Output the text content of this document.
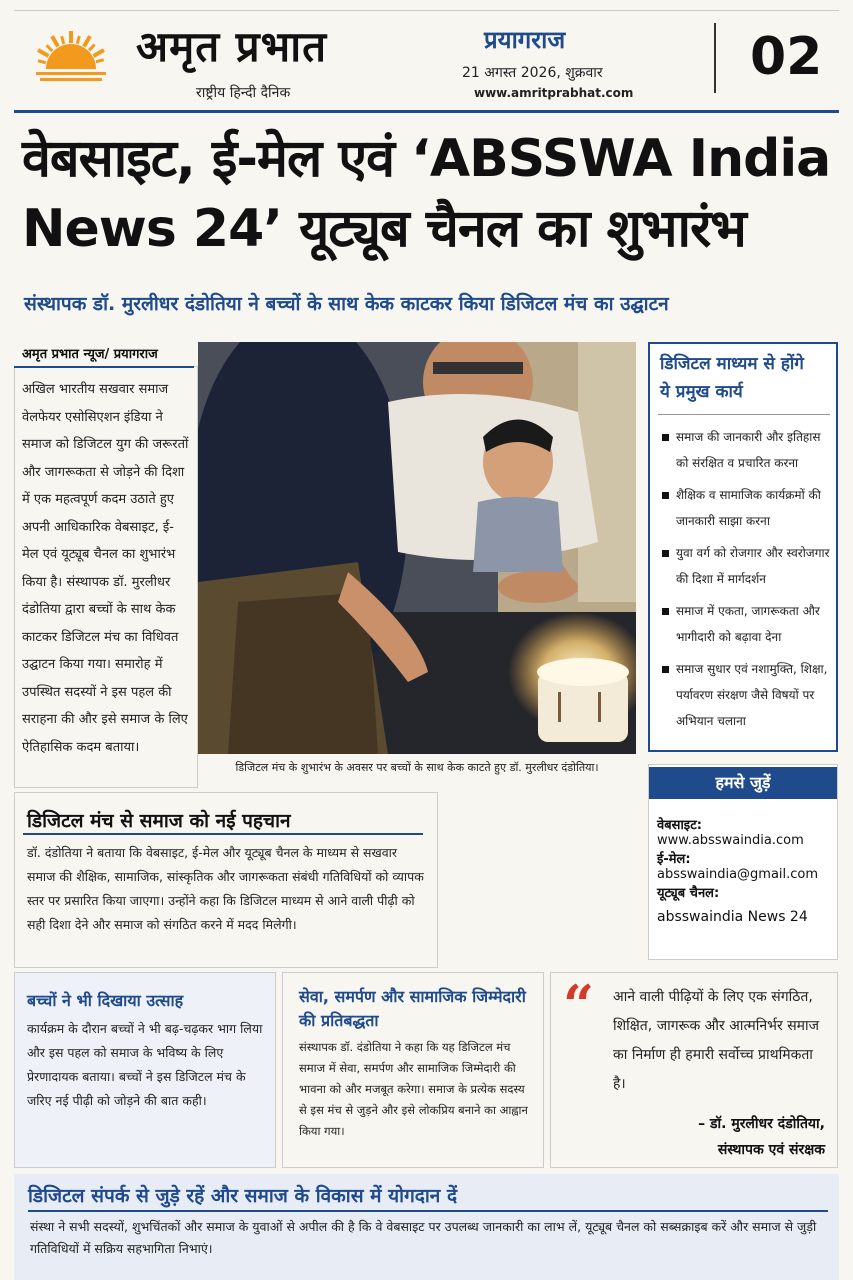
अमृत प्रभात
राष्ट्रीय हिन्दी दैनिक
प्रयागराज
21 अगस्त 2026, शुक्रवार
www.amritprabhat.com
02
वेबसाइट, ई-मेल एवं ‘ABSSWA India
News 24’ यूट्यूब चैनल का शुभारंभ
संस्थापक डॉ. मुरलीधर दंडोतिया ने बच्चों के साथ केक काटकर किया डिजिटल मंच का उद्घाटन
अमृत प्रभात न्यूज/ प्रयागराज
अखिल भारतीय सखवार समाज वेलफेयर एसोसिएशन इंडिया ने समाज को डिजिटल युग की जरूरतों और जागरूकता से जोड़ने की दिशा में एक महत्वपूर्ण कदम उठाते हुए अपनी आधिकारिक वेबसाइट, ई-मेल एवं यूट्यूब चैनल का शुभारंभ किया है। संस्थापक डॉ. मुरलीधर दंडोतिया द्वारा बच्चों के साथ केक काटकर डिजिटल मंच का विधिवत उद्घाटन किया गया। समारोह में उपस्थित सदस्यों ने इस पहल की सराहना की और इसे समाज के लिए ऐतिहासिक कदम बताया।
डिजिटल मंच के शुभारंभ के अवसर पर बच्चों के साथ केक काटते हुए डॉ. मुरलीधर दंडोतिया।
डिजिटल माध्यम से होंगे
ये प्रमुख कार्य
समाज की जानकारी और इतिहास को संरक्षित व प्रचारित करना
शैक्षिक व सामाजिक कार्यक्रमों की जानकारी साझा करना
युवा वर्ग को रोजगार और स्वरोजगार की दिशा में मार्गदर्शन
समाज में एकता, जागरूकता और भागीदारी को बढ़ावा देना
समाज सुधार एवं नशामुक्ति, शिक्षा, पर्यावरण संरक्षण जैसे विषयों पर अभियान चलाना
हमसे जुड़ें
वेबसाइट: www.absswaindia.com
ई-मेल: absswaindia@gmail.com
यूट्यूब चैनल:
absswaindia News 24
डिजिटल मंच से समाज को नई पहचान
डॉ. दंडोतिया ने बताया कि वेबसाइट, ई-मेल और यूट्यूब चैनल के माध्यम से सखवार समाज की शैक्षिक, सामाजिक, सांस्कृतिक और जागरूकता संबंधी गतिविधियों को व्यापक स्तर पर प्रसारित किया जाएगा। उन्होंने कहा कि डिजिटल माध्यम से आने वाली पीढ़ी को सही दिशा देने और समाज को संगठित करने में मदद मिलेगी।
बच्चों ने भी दिखाया उत्साह
कार्यक्रम के दौरान बच्चों ने भी बढ़-चढ़कर भाग लिया और इस पहल को समाज के भविष्य के लिए प्रेरणादायक बताया। बच्चों ने इस डिजिटल मंच के जरिए नई पीढ़ी को जोड़ने की बात कही।
सेवा, समर्पण और सामाजिक जिम्मेदारी की प्रतिबद्धता
संस्थापक डॉ. दंडोतिया ने कहा कि यह डिजिटल मंच समाज में सेवा, समर्पण और सामाजिक जिम्मेदारी की भावना को और मजबूत करेगा। समाज के प्रत्येक सदस्य से इस मंच से जुड़ने और इसे लोकप्रिय बनाने का आह्वान किया गया।
“ आने वाली पीढ़ियों के लिए एक संगठित, शिक्षित, जागरूक और आत्मनिर्भर समाज का निर्माण ही हमारी सर्वोच्च प्राथमिकता है।
– डॉ. मुरलीधर दंडोतिया,
संस्थापक एवं संरक्षक
डिजिटल संपर्क से जुड़े रहें और समाज के विकास में योगदान दें
संस्था ने सभी सदस्यों, शुभचिंतकों और समाज के युवाओं से अपील की है कि वे वेबसाइट पर उपलब्ध जानकारी का लाभ लें, यूट्यूब चैनल को सब्सक्राइब करें और समाज से जुड़ी गतिविधियों में सक्रिय सहभागिता निभाएं।
